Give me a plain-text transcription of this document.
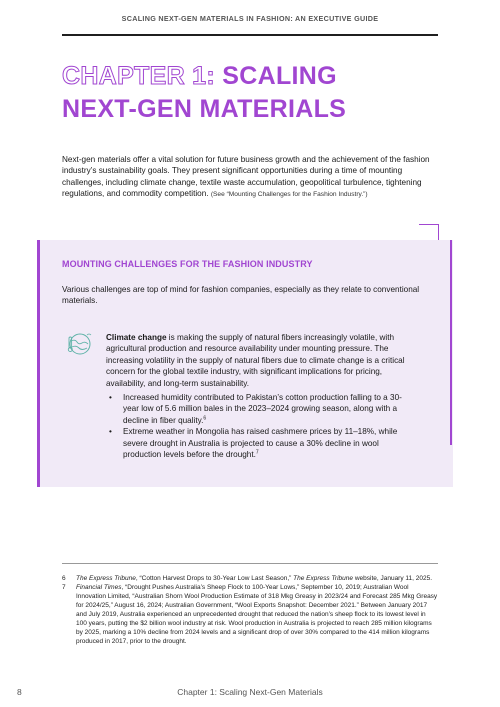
SCALING NEXT-GEN MATERIALS IN FASHION: AN EXECUTIVE GUIDE
CHAPTER 1: SCALING
NEXT-GEN MATERIALS

Next-gen materials offer a vital solution for future business growth and the achievement of the fashion industry’s sustainability goals. They present significant opportunities during a time of mounting challenges, including climate change, textile waste accumulation, geopolitical turbulence, tightening regulations, and commodity competition. (See “Mounting Challenges for the Fashion Industry.”)

MOUNTING CHALLENGES FOR THE FASHION INDUSTRY
Various challenges are top of mind for fashion companies, especially as they relate to conventional materials.
Climate change is making the supply of natural fibers increasingly volatile, with agricultural production and resource availability under mounting pressure. The increasing volatility in the supply of natural fibers due to climate change is a critical concern for the global textile industry, with significant implications for pricing, availability, and long-term sustainability.
• Increased humidity contributed to Pakistan’s cotton production falling to a 30-year low of 5.6 million bales in the 2023–2024 growing season, along with a decline in fiber quality.$^6$
• Extreme weather in Mongolia has raised cashmere prices by 11–18%, while severe drought in Australia is projected to cause a 30% decline in wool production levels before the drought.$^7$
6 The Express Tribune, “Cotton Harvest Drops to 30-Year Low Last Season,” The Express Tribune website, January 11, 2025.
7 Financial Times, “Drought Pushes Australia’s Sheep Flock to 100-Year Lows,” September 10, 2019; Australian Wool Innovation Limited, “Australian Shorn Wool Production Estimate of 318 Mkg Greasy in 2023/24 and Forecast 285 Mkg Greasy for 2024/25,” August 16, 2024; Australian Government, “Wool Exports Snapshot: December 2021.” Between January 2017 and July 2019, Australia experienced an unprecedented drought that reduced the nation’s sheep flock to its lowest level in 100 years, putting the $2 billion wool industry at risk. Wool production in Australia is projected to reach 285 million kilograms by 2025, marking a 10% decline from 2024 levels and a significant drop of over 30% compared to the 414 million kilograms produced in 2017, prior to the drought.
8	Chapter 1: Scaling Next-Gen Materials
